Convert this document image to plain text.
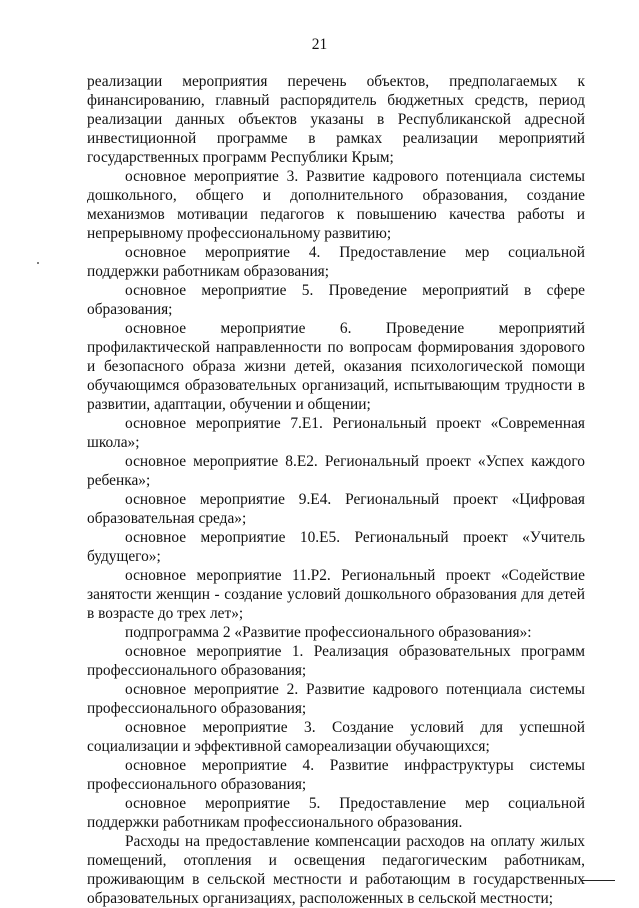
21

реализации мероприятия перечень объектов, предполагаемых к финансированию, главный распорядитель бюджетных средств, период реализации данных объектов указаны в Республиканской адресной инвестиционной программе в рамках реализации мероприятий государственных программ Республики Крым;

основное мероприятие 3. Развитие кадрового потенциала системы дошкольного, общего и дополнительного образования, создание механизмов мотивации педагогов к повышению качества работы и непрерывному профессиональному развитию;

основное мероприятие 4. Предоставление мер социальной поддержки работникам образования;

основное мероприятие 5. Проведение мероприятий в сфере образования;

основное мероприятие 6. Проведение мероприятий профилактической направленности по вопросам формирования здорового и безопасного образа жизни детей, оказания психологической помощи обучающимся образовательных организаций, испытывающим трудности в развитии, адаптации, обучении и общении;

основное мероприятие 7.Е1. Региональный проект «Современная школа»;

основное мероприятие 8.Е2. Региональный проект «Успех каждого ребенка»;

основное мероприятие 9.Е4. Региональный проект «Цифровая образовательная среда»;

основное мероприятие 10.Е5. Региональный проект «Учитель будущего»;

основное мероприятие 11.Р2. Региональный проект «Содействие занятости женщин - создание условий дошкольного образования для детей в возрасте до трех лет»;

подпрограмма 2 «Развитие профессионального образования»:

основное мероприятие 1. Реализация образовательных программ профессионального образования;

основное мероприятие 2. Развитие кадрового потенциала системы профессионального образования;

основное мероприятие 3. Создание условий для успешной социализации и эффективной самореализации обучающихся;

основное мероприятие 4. Развитие инфраструктуры системы профессионального образования;

основное мероприятие 5. Предоставление мер социальной поддержки работникам профессионального образования.

Расходы на предоставление компенсации расходов на оплату жилых помещений, отопления и освещения педагогическим работникам, проживающим в сельской местности и работающим в государственных образовательных организациях, расположенных в сельской местности;
